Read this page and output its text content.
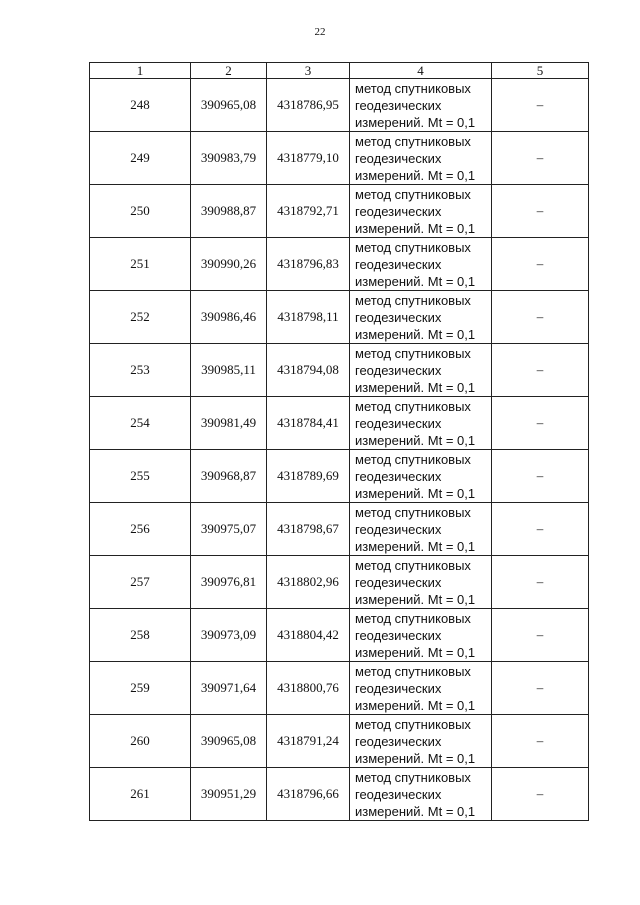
22
1	2	3	4	5
248	390965,08	4318786,95	метод спутниковых
геодезических
измерений. Mt = 0,1	–
249	390983,79	4318779,10	метод спутниковых
геодезических
измерений. Mt = 0,1	–
250	390988,87	4318792,71	метод спутниковых
геодезических
измерений. Mt = 0,1	–
251	390990,26	4318796,83	метод спутниковых
геодезических
измерений. Mt = 0,1	–
252	390986,46	4318798,11	метод спутниковых
геодезических
измерений. Mt = 0,1	–
253	390985,11	4318794,08	метод спутниковых
геодезических
измерений. Mt = 0,1	–
254	390981,49	4318784,41	метод спутниковых
геодезических
измерений. Mt = 0,1	–
255	390968,87	4318789,69	метод спутниковых
геодезических
измерений. Mt = 0,1	–
256	390975,07	4318798,67	метод спутниковых
геодезических
измерений. Mt = 0,1	–
257	390976,81	4318802,96	метод спутниковых
геодезических
измерений. Mt = 0,1	–
258	390973,09	4318804,42	метод спутниковых
геодезических
измерений. Mt = 0,1	–
259	390971,64	4318800,76	метод спутниковых
геодезических
измерений. Mt = 0,1	–
260	390965,08	4318791,24	метод спутниковых
геодезических
измерений. Mt = 0,1	–
261	390951,29	4318796,66	метод спутниковых
геодезических
измерений. Mt = 0,1	–
